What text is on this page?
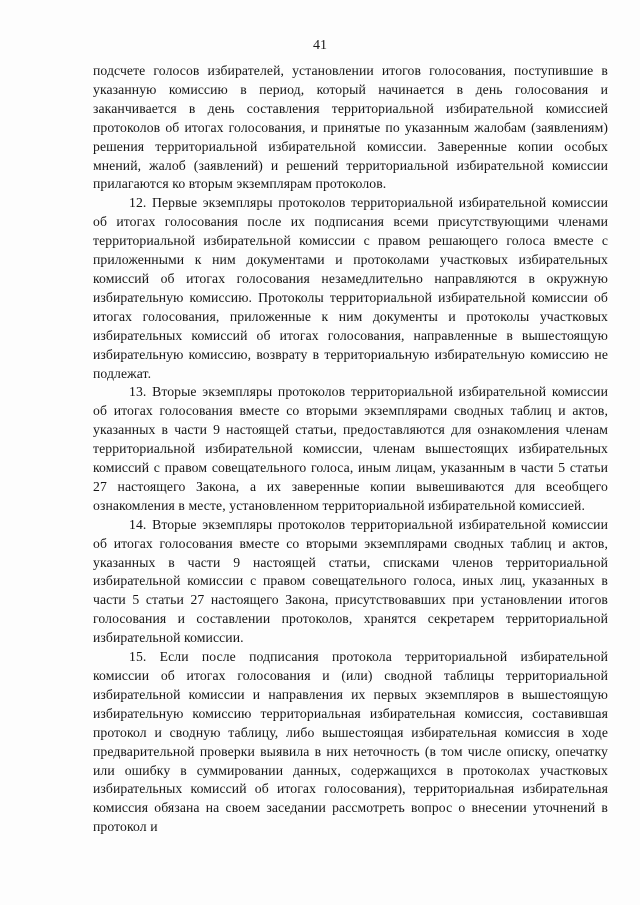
41

подсчете голосов избирателей, установлении итогов голосования, поступившие в указанную комиссию в период, который начинается в день голосования и заканчивается в день составления территориальной избирательной комиссией протоколов об итогах голосования, и принятые по указанным жалобам (заявлениям) решения территориальной избирательной комиссии. Заверенные копии особых мнений, жалоб (заявлений) и решений территориальной избирательной комиссии прилагаются ко вторым экземплярам протоколов.

12. Первые экземпляры протоколов территориальной избирательной комиссии об итогах голосования после их подписания всеми присутствующими членами территориальной избирательной комиссии с правом решающего голоса вместе с приложенными к ним документами и протоколами участковых избирательных комиссий об итогах голосования незамедлительно направляются в окружную избирательную комиссию. Протоколы территориальной избирательной комиссии об итогах голосования, приложенные к ним документы и протоколы участковых избирательных комиссий об итогах голосования, направленные в вышестоящую избирательную комиссию, возврату в территориальную избирательную комиссию не подлежат.

13. Вторые экземпляры протоколов территориальной избирательной комиссии об итогах голосования вместе со вторыми экземплярами сводных таблиц и актов, указанных в части 9 настоящей статьи, предоставляются для ознакомления членам территориальной избирательной комиссии, членам вышестоящих избирательных комиссий с правом совещательного голоса, иным лицам, указанным в части 5 статьи 27 настоящего Закона, а их заверенные копии вывешиваются для всеобщего ознакомления в месте, установленном территориальной избирательной комиссией.

14. Вторые экземпляры протоколов территориальной избирательной комиссии об итогах голосования вместе со вторыми экземплярами сводных таблиц и актов, указанных в части 9 настоящей статьи, списками членов территориальной избирательной комиссии с правом совещательного голоса, иных лиц, указанных в части 5 статьи 27 настоящего Закона, присутствовавших при установлении итогов голосования и составлении протоколов, хранятся секретарем территориальной избирательной комиссии.

15. Если после подписания протокола территориальной избирательной комиссии об итогах голосования и (или) сводной таблицы территориальной избирательной комиссии и направления их первых экземпляров в вышестоящую избирательную комиссию территориальная избирательная комиссия, составившая протокол и сводную таблицу, либо вышестоящая избирательная комиссия в ходе предварительной проверки выявила в них неточность (в том числе описку, опечатку или ошибку в суммировании данных, содержащихся в протоколах участковых избирательных комиссий об итогах голосования), территориальная избирательная комиссия обязана на своем заседании рассмотреть вопрос о внесении уточнений в протокол и
